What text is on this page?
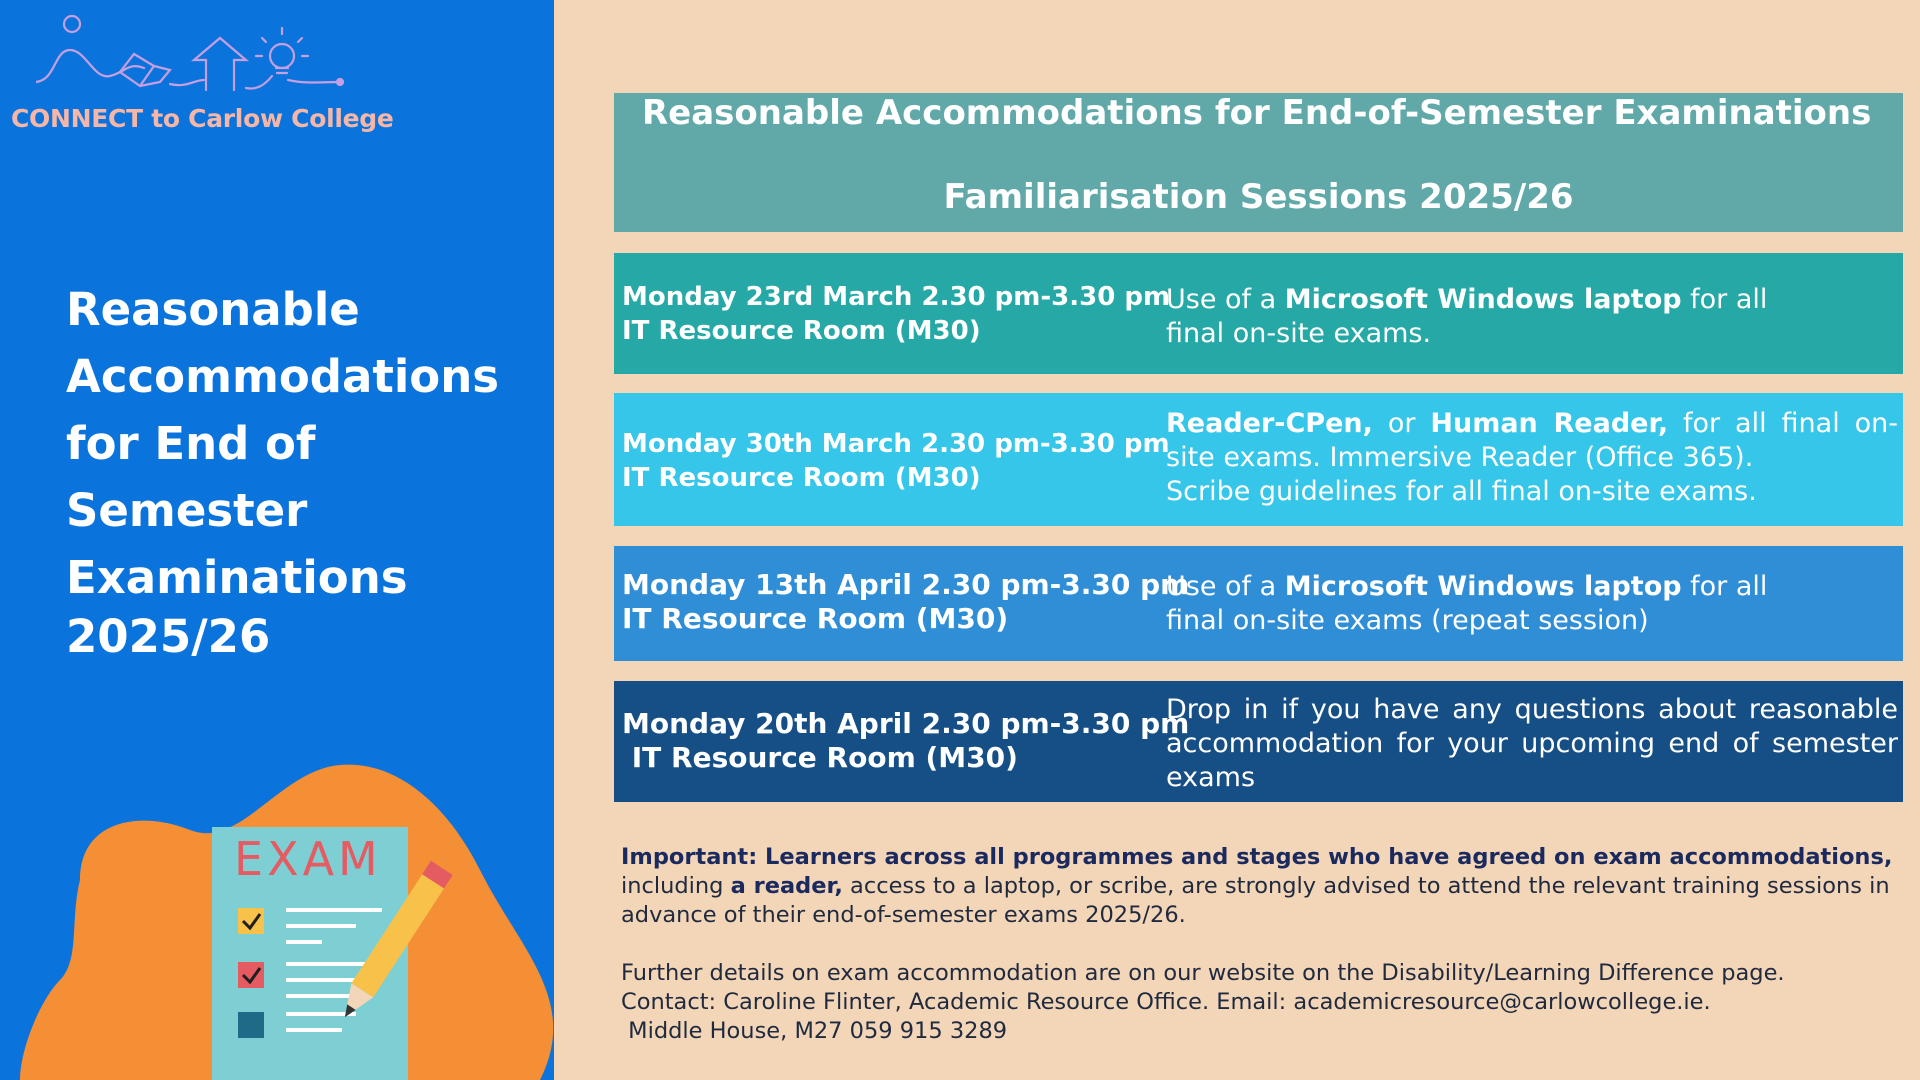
CONNECT to Carlow College
Reasonable
Accommodations
for End of Semester
Examinations
2025/26
EXAM
Reasonable Accommodations for End-of-Semester Examinations
Familiarisation Sessions 2025/26
Monday 23rd March 2.30 pm-3.30 pm
IT Resource Room (M30)
Use of a Microsoft Windows laptop for all
final on-site exams.
Monday 30th March 2.30 pm-3.30 pm
IT Resource Room (M30)
Reader-CPen, or Human Reader, for all final on-site exams. Immersive Reader (Office 365).
Scribe guidelines for all final on-site exams.
Monday 13th April 2.30 pm-3.30 pm
IT Resource Room (M30)
Use of a Microsoft Windows laptop for all
final on-site exams (repeat session)
Monday 20th April 2.30 pm-3.30 pm
IT Resource Room (M30)
Drop in if you have any questions about reasonable accommodation for your upcoming end of semester exams

Important: Learners across all programmes and stages who have agreed on exam accommodations, including a reader, access to a laptop, or scribe, are strongly advised to attend the relevant training sessions in advance of their end-of-semester exams 2025/26.

Further details on exam accommodation are on our website on the Disability/Learning Difference page.

Contact: Caroline Flinter, Academic Resource Office. Email: academicresource@carlowcollege.ie.

Middle House, M27 059 915 3289
